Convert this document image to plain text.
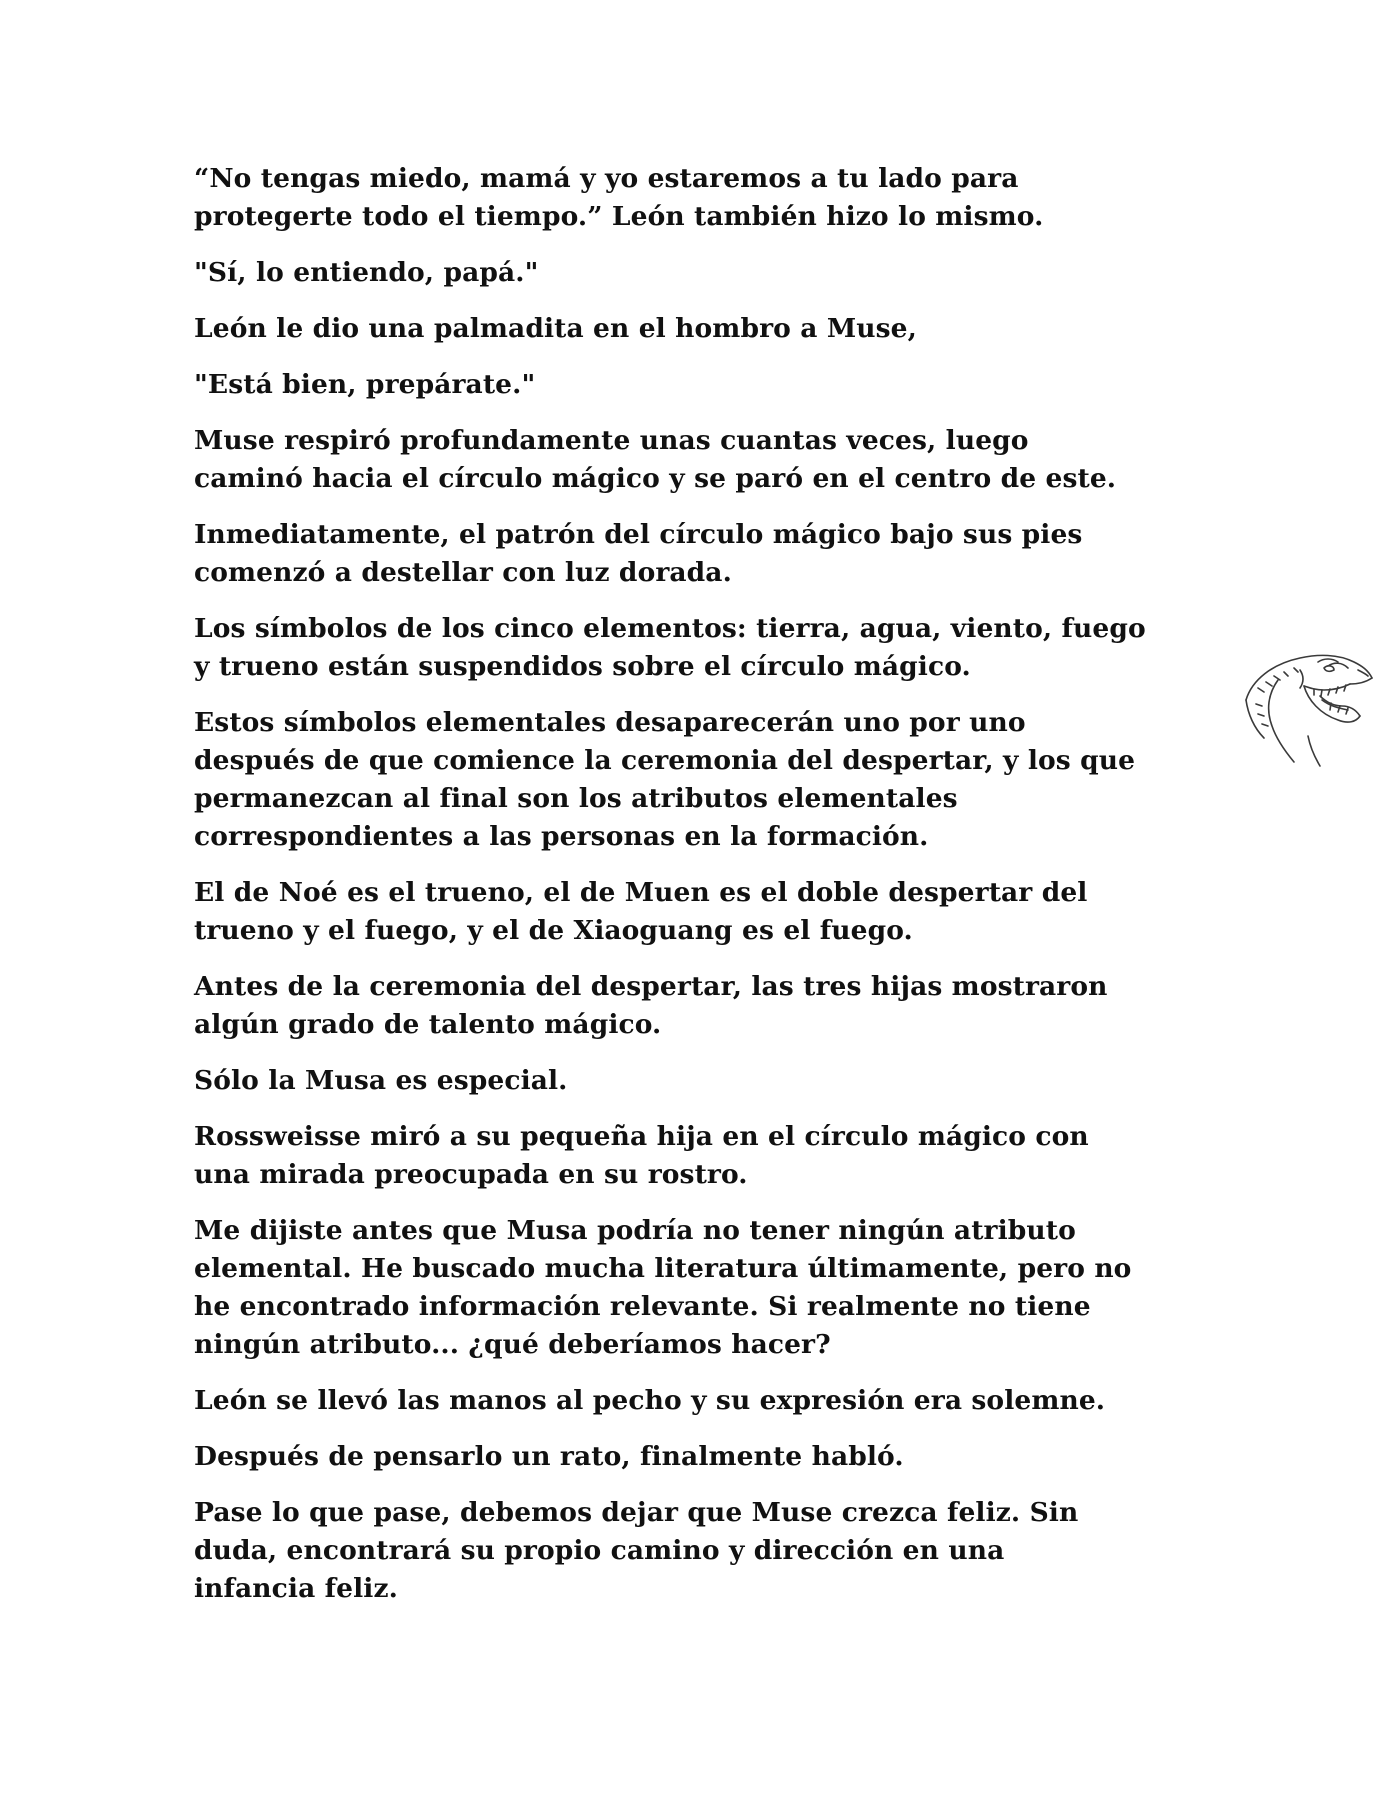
“No tengas miedo, mamá y yo estaremos a tu lado para
protegerte todo el tiempo.” León también hizo lo mismo.

"Sí, lo entiendo, papá."

León le dio una palmadita en el hombro a Muse,

"Está bien, prepárate."

Muse respiró profundamente unas cuantas veces, luego
caminó hacia el círculo mágico y se paró en el centro de este.

Inmediatamente, el patrón del círculo mágico bajo sus pies
comenzó a destellar con luz dorada.

Los símbolos de los cinco elementos: tierra, agua, viento, fuego
y trueno están suspendidos sobre el círculo mágico.

Estos símbolos elementales desaparecerán uno por uno
después de que comience la ceremonia del despertar, y los que
permanezcan al final son los atributos elementales
correspondientes a las personas en la formación.

El de Noé es el trueno, el de Muen es el doble despertar del
trueno y el fuego, y el de Xiaoguang es el fuego.

Antes de la ceremonia del despertar, las tres hijas mostraron
algún grado de talento mágico.

Sólo la Musa es especial.

Rossweisse miró a su pequeña hija en el círculo mágico con
una mirada preocupada en su rostro.

Me dijiste antes que Musa podría no tener ningún atributo
elemental. He buscado mucha literatura últimamente, pero no
he encontrado información relevante. Si realmente no tiene
ningún atributo... ¿qué deberíamos hacer?

León se llevó las manos al pecho y su expresión era solemne.

Después de pensarlo un rato, finalmente habló.

Pase lo que pase, debemos dejar que Muse crezca feliz. Sin
duda, encontrará su propio camino y dirección en una
infancia feliz.
